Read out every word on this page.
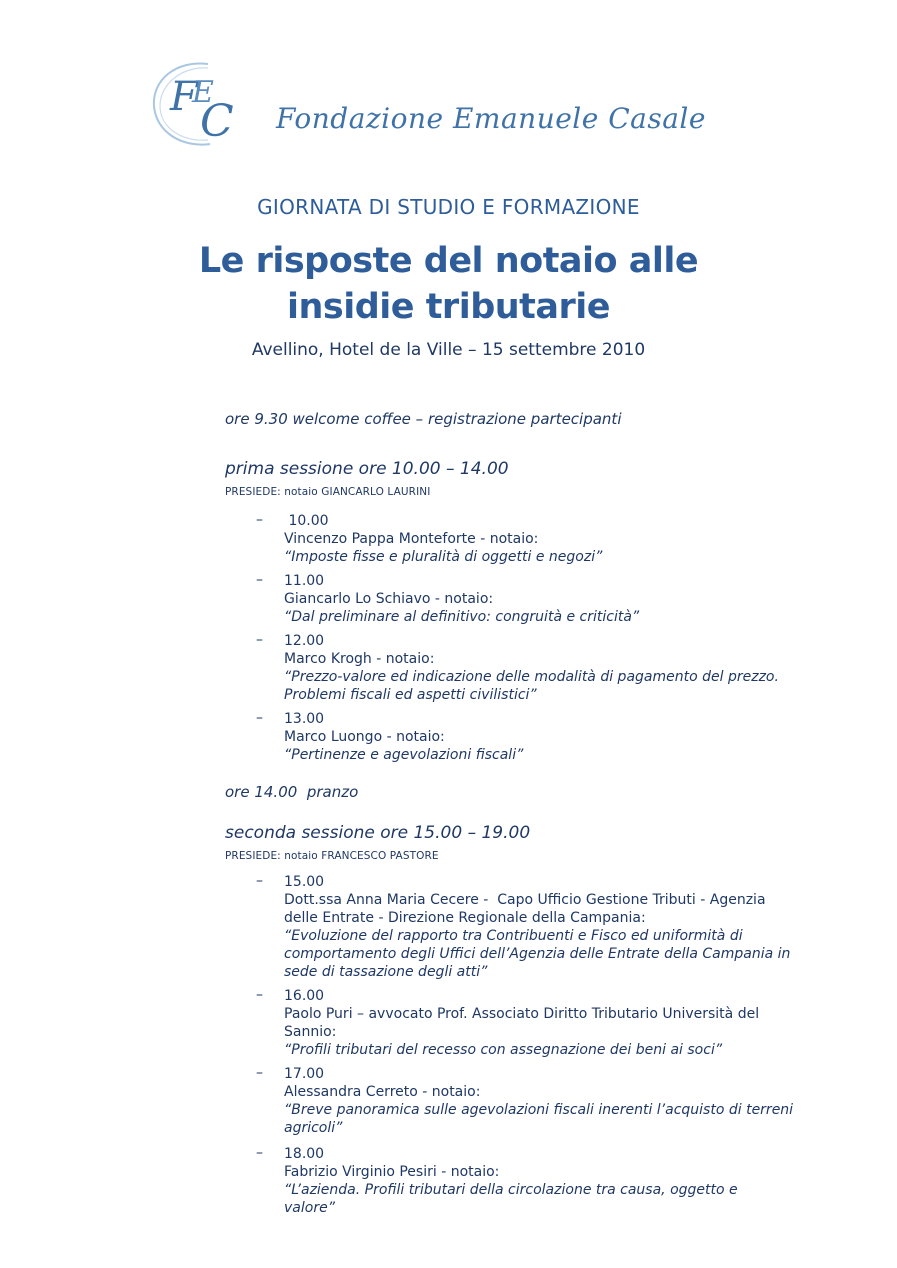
F
E
C Fondazione Emanuele Casale
GIORNATA DI STUDIO E FORMAZIONE
Le risposte del notaio alle
insidie tributarie
Avellino, Hotel de la Ville – 15 settembre 2010
ore 9.30 welcome coffee – registrazione partecipanti
prima sessione ore 10.00 – 14.00
PRESIEDE: notaio GIANCARLO LAURINI
– 10.00
Vincenzo Pappa Monteforte - notaio:
“Imposte fisse e pluralità di oggetti e negozi”
– 11.00
Giancarlo Lo Schiavo - notaio:
“Dal preliminare al definitivo: congruità e criticità”
– 12.00
Marco Krogh - notaio:
“Prezzo-valore ed indicazione delle modalità di pagamento del prezzo.
Problemi fiscali ed aspetti civilistici”
– 13.00
Marco Luongo - notaio:
“Pertinenze e agevolazioni fiscali”
ore 14.00  pranzo
seconda sessione ore 15.00 – 19.00
PRESIEDE: notaio FRANCESCO PASTORE
– 15.00
Dott.ssa Anna Maria Cecere -  Capo Ufficio Gestione Tributi - Agenzia
delle Entrate - Direzione Regionale della Campania:
“Evoluzione del rapporto tra Contribuenti e Fisco ed uniformità di
comportamento degli Uffici dell’Agenzia delle Entrate della Campania in
sede di tassazione degli atti”
– 16.00
Paolo Puri – avvocato Prof. Associato Diritto Tributario Università del
Sannio:
“Profili tributari del recesso con assegnazione dei beni ai soci”
– 17.00
Alessandra Cerreto - notaio:
“Breve panoramica sulle agevolazioni fiscali inerenti l’acquisto di terreni
agricoli”
– 18.00
Fabrizio Virginio Pesiri - notaio:
“L’azienda. Profili tributari della circolazione tra causa, oggetto e
valore”
